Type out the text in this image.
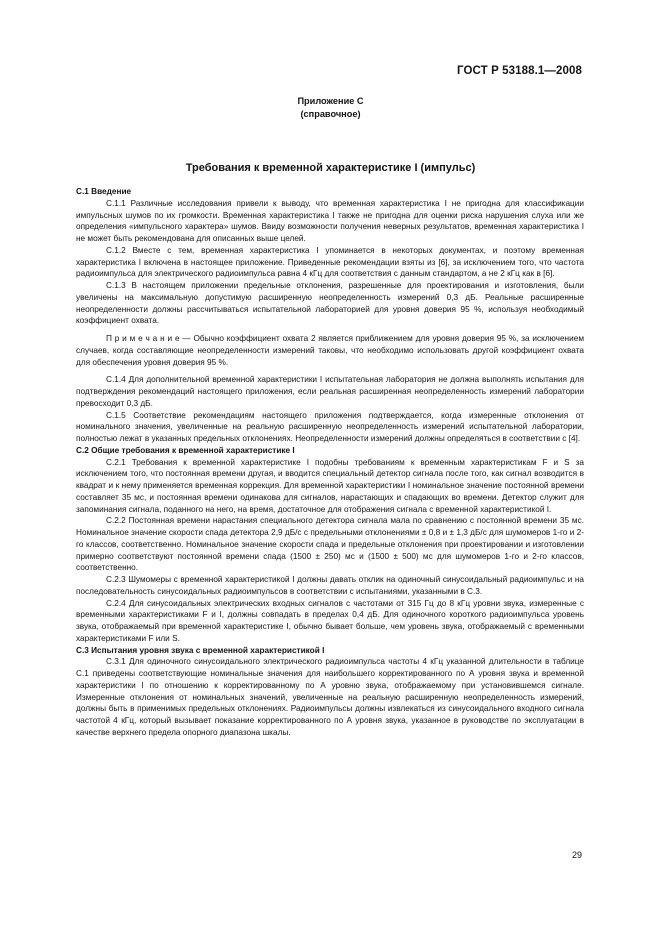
ГОСТ Р 53188.1—2008
Приложение С
(справочное)
Требования к временной характеристике I (импульс)

С.1 Введение

С.1.1 Различные исследования привели к выводу, что временная характеристика I не пригодна для классификации импульсных шумов по их громкости. Временная характеристика I также не пригодна для оценки риска нарушения слуха или же определения «импульсного характера» шумов. Ввиду возможности получения неверных результатов, временная характеристика I не может быть рекомендована для описанных выше целей.

С.1.2 Вместе с тем, временная характеристика I упоминается в некоторых документах, и поэтому временная характеристика I включена в настоящее приложение. Приведенные рекомендации взяты из [6], за исключением того, что частота радиоимпульса для электрического радиоимпульса равна 4 кГц для соответствия с данным стандартом, а не 2 кГц как в [6].

С.1.3 В настоящем приложении предельные отклонения, разрешенные для проектирования и изготовления, были увеличены на максимальную допустимую расширенную неопределенность измерений 0,3 дБ. Реальные расширенные неопределенности должны рассчитываться испытательной лабораторией для уровня доверия 95 %, используя необходимый коэффициент охвата.

П р и м е ч а н и е — Обычно коэффициент охвата 2 является приближением для уровня доверия 95 %, за исключением случаев, когда составляющие неопределенности измерений таковы, что необходимо использовать другой коэффициент охвата для обеспечения уровня доверия 95 %.

С.1.4 Для дополнительной временной характеристики I испытательная лаборатория не должна выполнять испытания для подтверждения рекомендаций настоящего приложения, если реальная расширенная неопределенность измерений лаборатории превосходит 0,3 дБ.

С.1.5 Соответствие рекомендациям настоящего приложения подтверждается, когда измеренные отклонения от номинального значения, увеличенные на реальную расширенную неопределенность измерений испытательной лаборатории, полностью лежат в указанных предельных отклонениях. Неопределенности измерений должны определяться в соответствии с [4].

С.2 Общие требования к временной характеристике I

С.2.1 Требования к временной характеристике I подобны требованиям к временным характеристикам F и S за исключением того, что постоянная времени другая, и вводится специальный детектор сигнала после того, как сигнал возводится в квадрат и к нему применяется временная коррекция. Для временной характеристики I номинальное значение постоянной времени составляет 35 мс, и постоянная времени одинакова для сигналов, нарастающих и спадающих во времени. Детектор служит для запоминания сигнала, поданного на него, на время, достаточное для отображения сигнала с временной характеристикой I.

С.2.2 Постоянная времени нарастания специального детектора сигнала мала по сравнению с постоянной времени 35 мс. Номинальное значение скорости спада детектора 2,9 дБ/с с предельными отклонениями ± 0,8 и ± 1,3 дБ/с для шумомеров 1-го и 2-го классов, соответственно. Номинальное значение скорости спада и предельные отклонения при проектировании и изготовлении примерно соответствуют постоянной времени спада (1500 ± 250) мс и (1500 ± 500) мс для шумомеров 1-го и 2-го классов, соответственно.

С.2.3 Шумомеры с временной характеристикой I должны давать отклик на одиночный синусоидальный радиоимпульс и на последовательность синусоидальных радиоимпульсов в соответствии с испытаниями, указанными в С.3.

С.2.4 Для синусоидальных электрических входных сигналов с частотами от 315 Гц до 8 кГц уровни звука, измеренные с временными характеристиками F и I, должны совпадать в пределах 0,4 дБ. Для одиночного короткого радиоимпульса уровень звука, отображаемый при временной характеристике I, обычно бывает больше, чем уровень звука, отображаемый с временными характеристиками F или S.

С.3 Испытания уровня звука с временной характеристикой I

С.3.1 Для одиночного синусоидального электрического радиоимпульса частоты 4 кГц указанной длительности в таблице С.1 приведены соответствующие номинальные значения для наибольшего корректированного по А уровня звука и временной характеристики I по отношению к корректированному по А уровню звука, отображаемому при установившемся сигнале. Измеренные отклонения от номинальных значений, увеличенные на реальную расширенную неопределенность измерений, должны быть в применимых предельных отклонениях. Радиоимпульсы должны извлекаться из синусоидального входного сигнала частотой 4 кГц, который вызывает показание корректированного по А уровня звука, указанное в руководстве по эксплуатации в качестве верхнего предела опорного диапазона шкалы.

29
